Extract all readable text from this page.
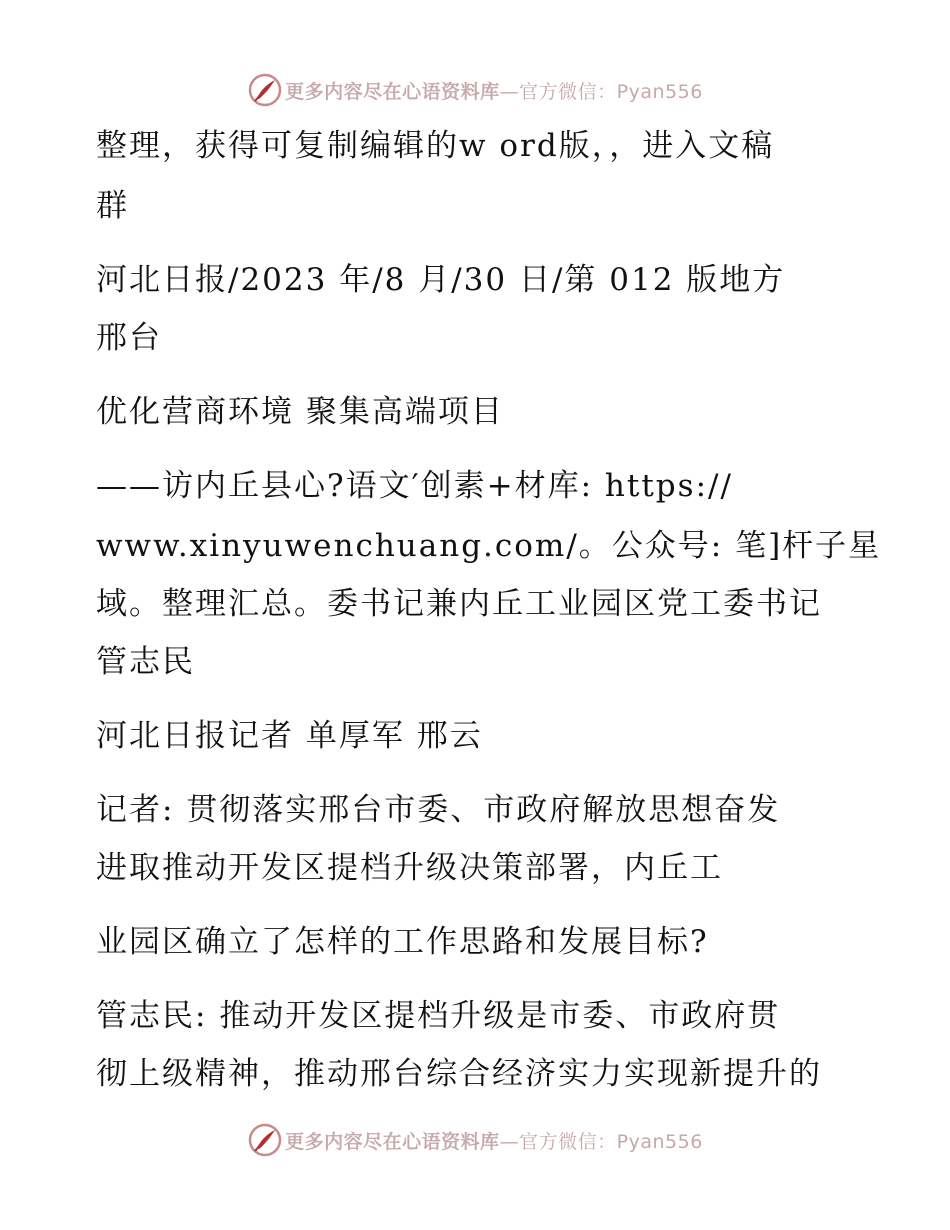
更多内容尽在心语资料库—官方微信：Pyan556
整理，获得可复制编辑的w ord版，，进入文稿
群
河北日报/2023 年/8 月/30 日/第 012 版地方
邢台
优化营商环境 聚集高端项目
——访内丘县心?语文′创素+材库: https://
www.xinyuwenchuang.com/。公众号: 笔]杆子星
域。整理汇总。委书记兼内丘工业园区党工委书记
管志民
河北日报记者 单厚军 邢云
记者: 贯彻落实邢台市委、市政府解放思想奋发
进取推动开发区提档升级决策部署，内丘工
业园区确立了怎样的工作思路和发展目标?
管志民: 推动开发区提档升级是市委、市政府贯
彻上级精神，推动邢台综合经济实力实现新提升的
更多内容尽在心语资料库—官方微信：Pyan556
